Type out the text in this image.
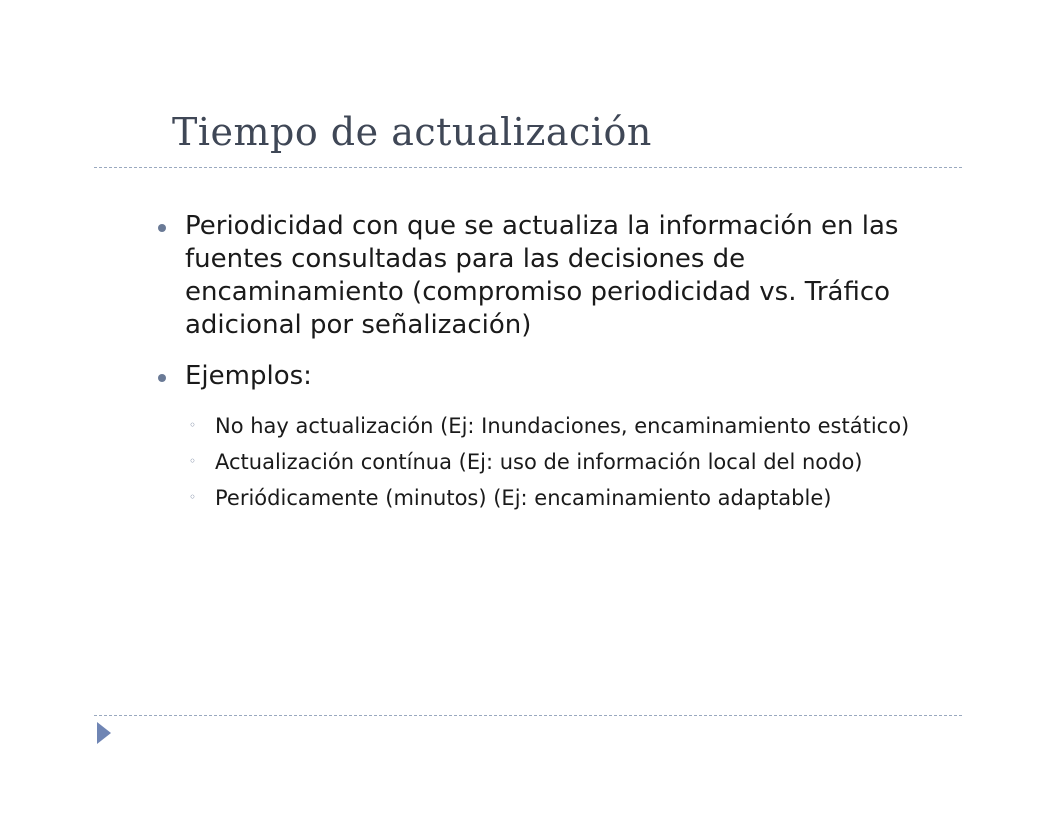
Tiempo de actualización
Periodicidad con que se actualiza la información en las fuentes consultadas para las decisiones de encaminamiento (compromiso periodicidad vs. Tráfico adicional por señalización)
Ejemplos:
◦ No hay actualización (Ej: Inundaciones, encaminamiento estático)
◦ Actualización contínua (Ej: uso de información local del nodo)
◦ Periódicamente (minutos) (Ej: encaminamiento adaptable)
